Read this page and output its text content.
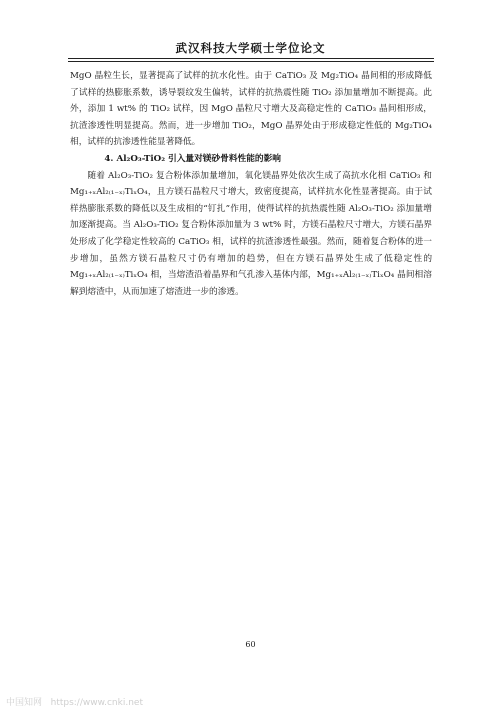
武汉科技大学硕士学位论文

MgO 晶粒生长，显著提高了试样的抗水化性。由于 CaTiO₃ 及 Mg₂TiO₄ 晶间相的形成降低了试样的热膨胀系数，诱导裂纹发生偏转，试样的抗热震性随 TiO₂ 添加量增加不断提高。此外，添加 1 wt% 的 TiO₂ 试样，因 MgO 晶粒尺寸增大及高稳定性的 CaTiO₃ 晶间相形成，抗渣渗透性明显提高。然而，进一步增加 TiO₂，MgO 晶界处由于形成稳定性低的 Mg₂TiO₄ 相，试样的抗渗透性能显著降低。

4. Al₂O₃-TiO₂ 引入量对镁砂骨料性能的影响

随着 Al₂O₃-TiO₂ 复合粉体添加量增加，氧化镁晶界处依次生成了高抗水化相 CaTiO₃ 和 Mg₁₊ₓAl₂₍₁₋ₓ₎TiₓO₄，且方镁石晶粒尺寸增大，致密度提高，试样抗水化性显著提高。由于试样热膨胀系数的降低以及生成相的“钉扎”作用，使得试样的抗热震性随 Al₂O₃-TiO₂ 添加量增加逐渐提高。当 Al₂O₃-TiO₂ 复合粉体添加量为 3 wt% 时，方镁石晶粒尺寸增大，方镁石晶界处形成了化学稳定性较高的 CaTiO₃ 相，试样的抗渣渗透性最强。然而，随着复合粉体的进一步增加，虽然方镁石晶粒尺寸仍有增加的趋势，但在方镁石晶界处生成了低稳定性的 Mg₁₊ₓAl₂₍₁₋ₓ₎TiₓO₄ 相，当熔渣沿着晶界和气孔渗入基体内部，Mg₁₊ₓAl₂₍₁₋ₓ₎TiₓO₄ 晶间相溶解到熔渣中，从而加速了熔渣进一步的渗透。

60
中国知网 https://www.cnki.net
